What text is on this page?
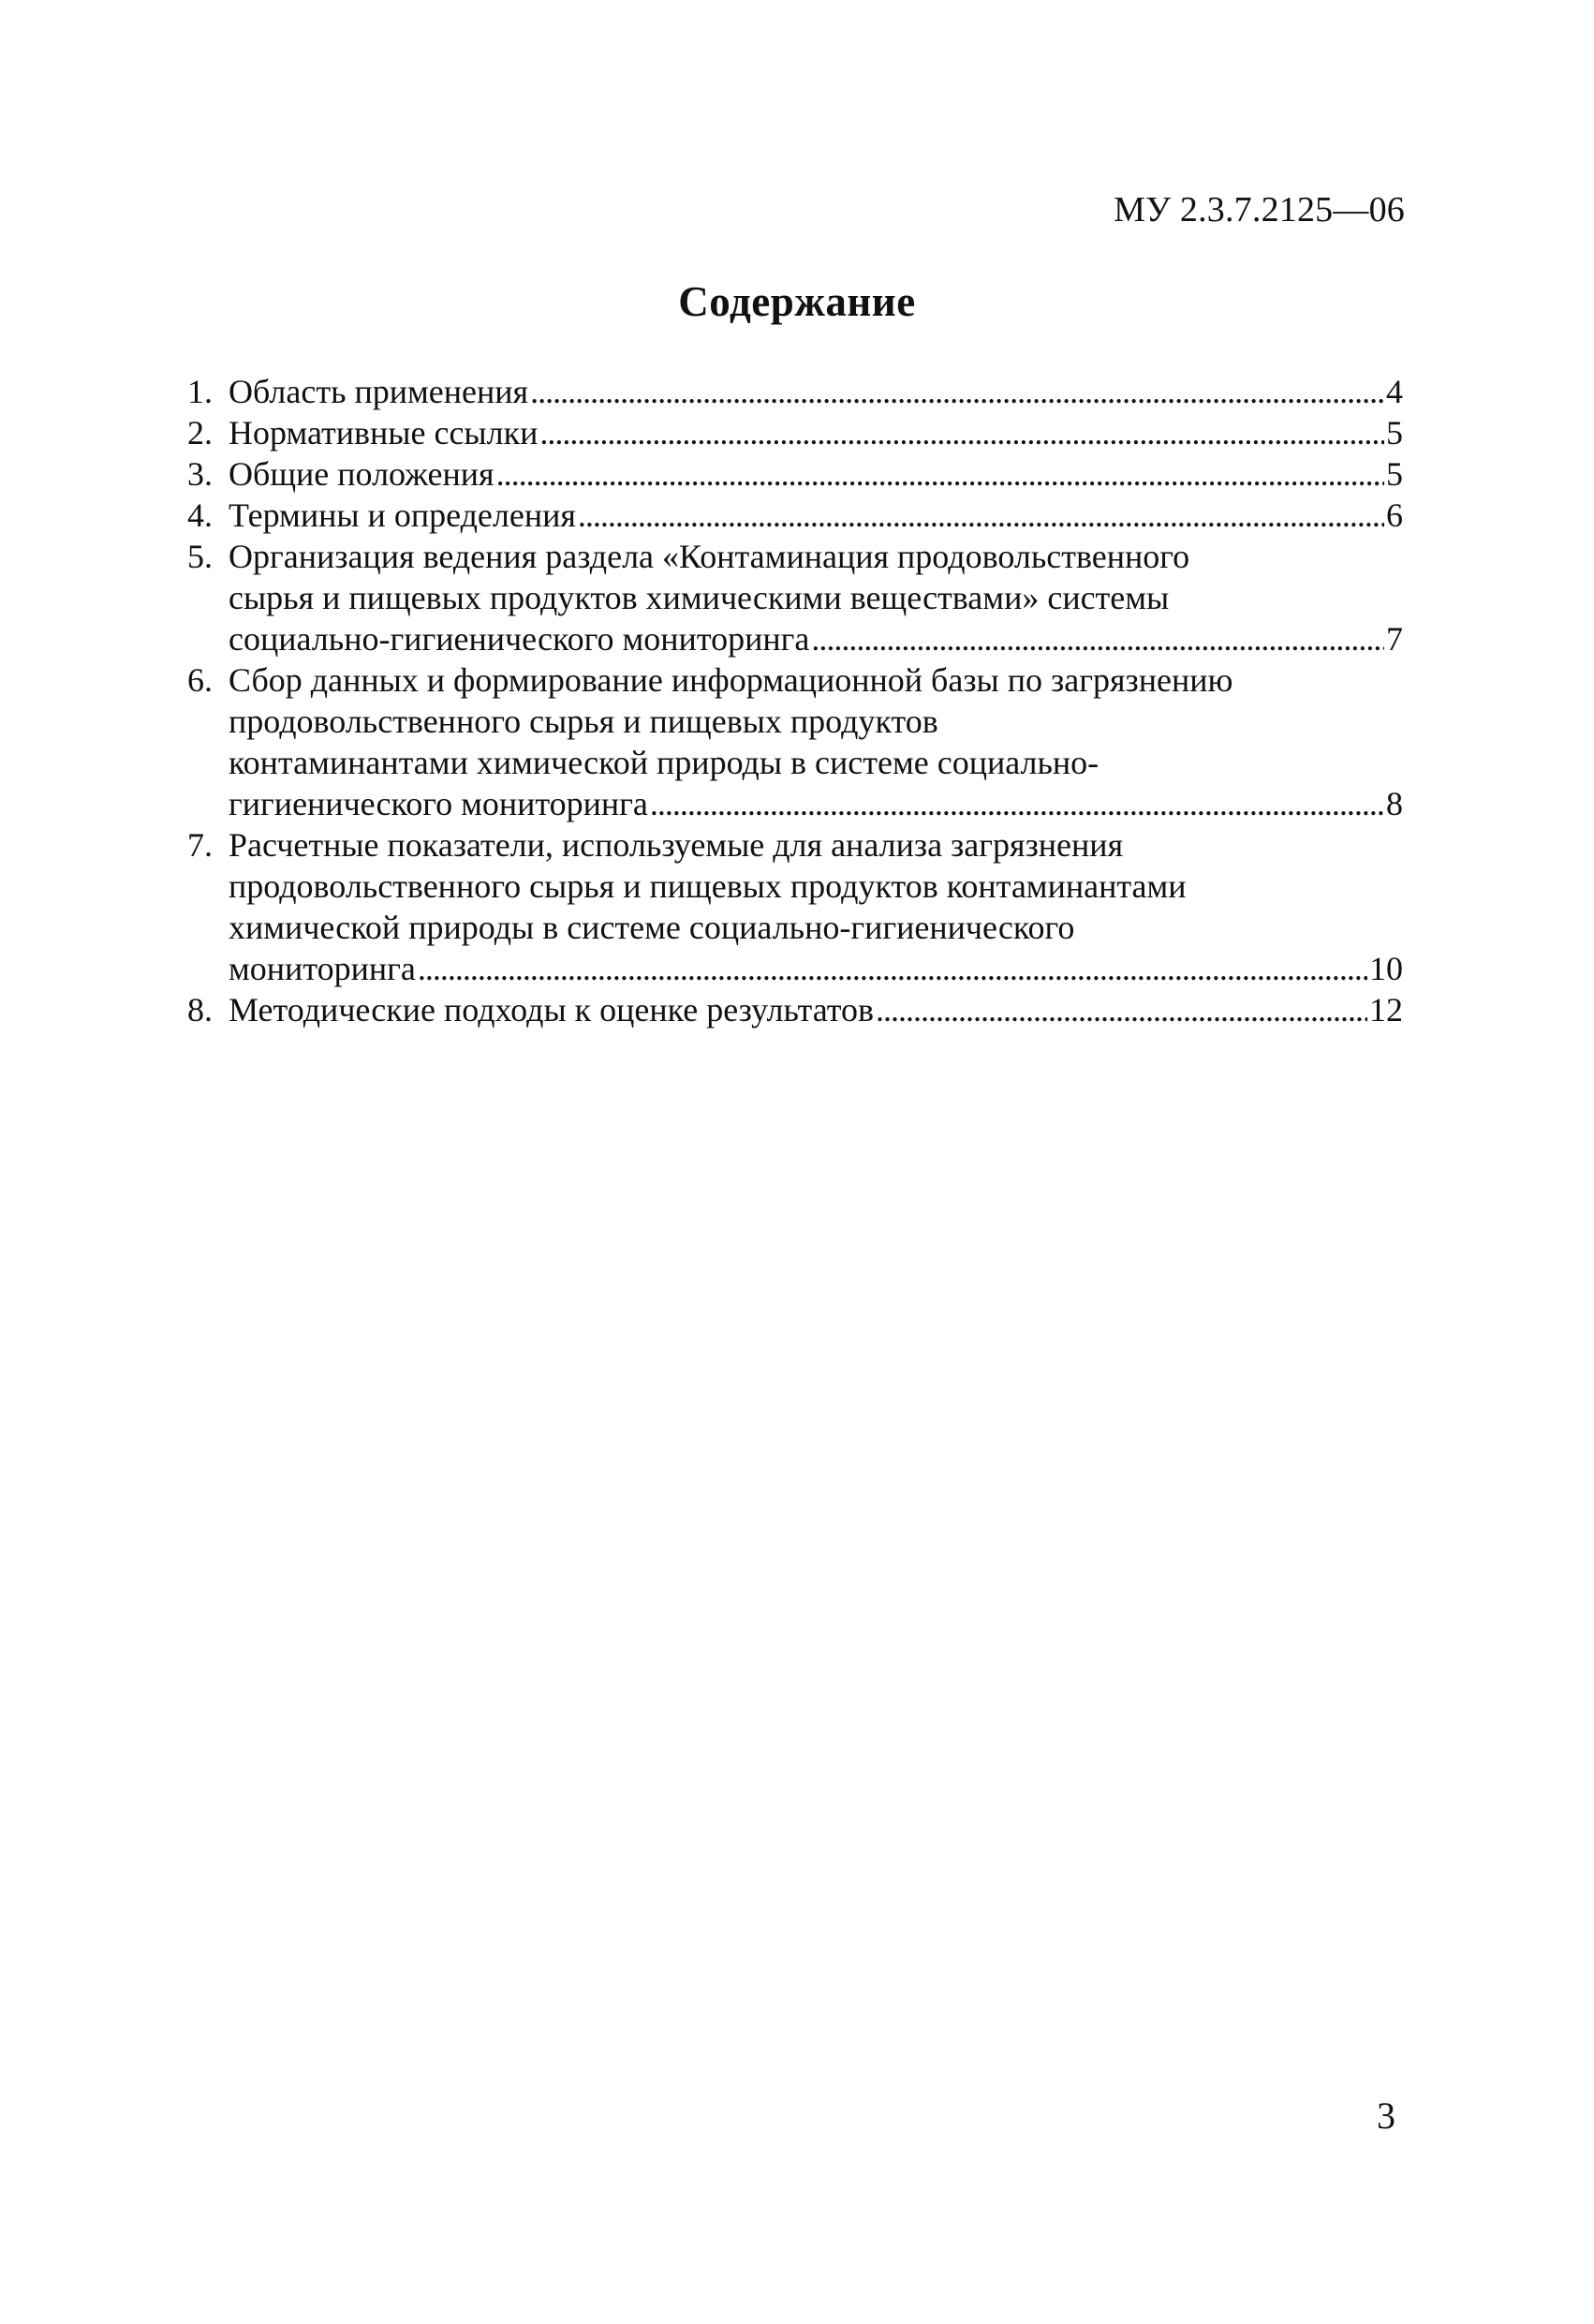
МУ 2.3.7.2125—06
Содержание
1. Область применения . . .	4
2. Нормативные ссылки . . .	5
3. Общие положения . . .	5
4. Термины и определения . . .	6
5. Организация ведения раздела «Контаминация продовольственного
сырья и пищевых продуктов химическими веществами» системы
социально-гигиенического мониторинга . . .	7
6. Сбор данных и формирование информационной базы по загрязнению
продовольственного сырья и пищевых продуктов
контаминантами химической природы в системе социально-
гигиенического мониторинга . . .	8
7. Расчетные показатели, используемые для анализа загрязнения
продовольственного сырья и пищевых продуктов контаминантами
химической природы в системе социально-гигиенического
мониторинга . . .	10
8. Методические подходы к оценке результатов . . .	12
3
